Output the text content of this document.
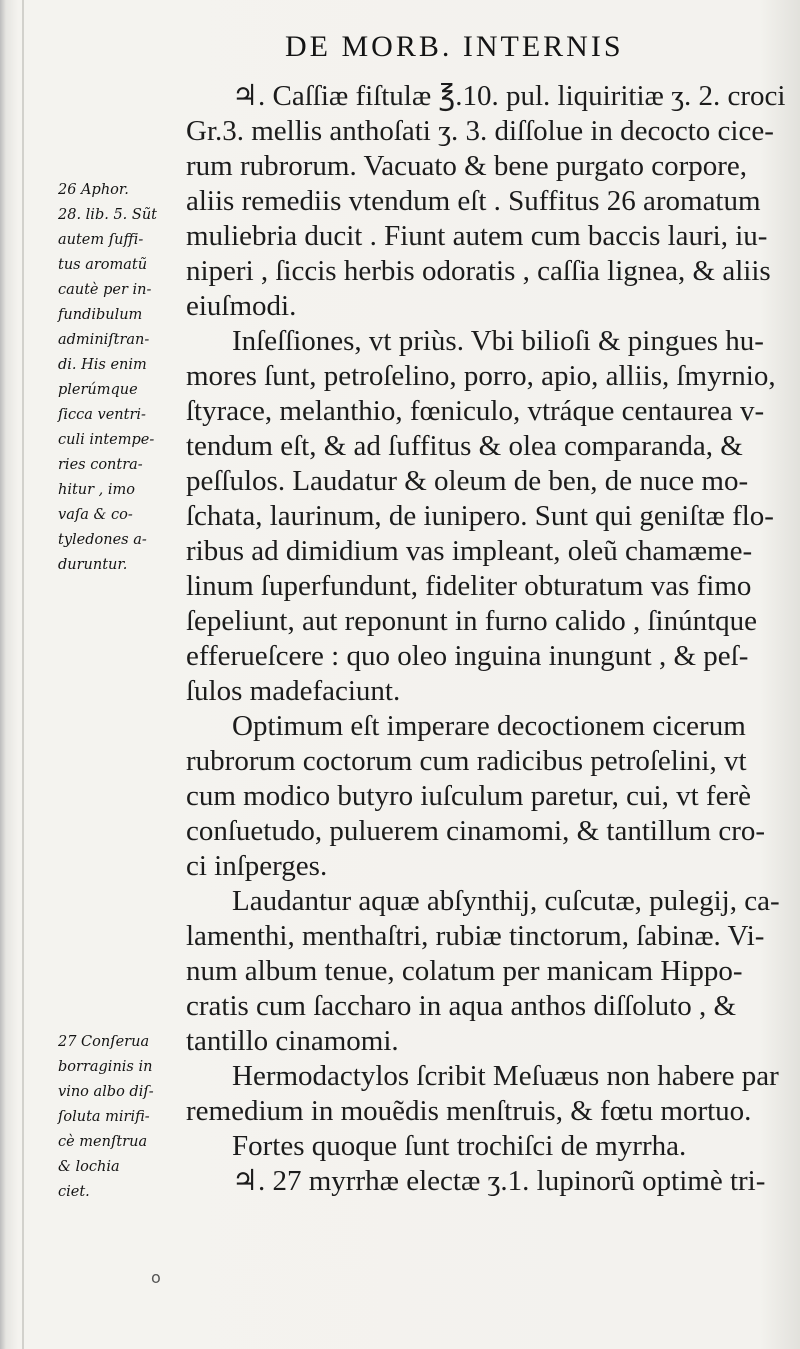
DE MORB. INTERNIS
♃. Caſſiæ fiſtulæ ℥.10. pul. liquiritiæ ʒ. 2. croci
Gr.3. mellis anthoſati ʒ. 3. diſſolue in decocto cice-
rum rubrorum. Vacuato & bene purgato corpore,
aliis remediis vtendum eſt . Suffitus 26 aromatum
muliebria ducit . Fiunt autem cum baccis lauri, iu-
niperi , ſiccis herbis odoratis , caſſia lignea, & aliis
eiuſmodi.
Inſeſſiones, vt priùs. Vbi bilioſi & pingues hu-
mores ſunt, petroſelino, porro, apio, alliis, ſmyrnio,
ſtyrace, melanthio, fœniculo, vtráque centaurea v-
tendum eſt, & ad ſuffitus & olea comparanda, &
peſſulos. Laudatur & oleum de ben, de nuce mo-
ſchata, laurinum, de iunipero. Sunt qui geniſtæ flo-
ribus ad dimidium vas impleant, oleũ chamæme-
linum ſuperfundunt, fideliter obturatum vas fimo
ſepeliunt, aut reponunt in furno calido , ſinúntque
efferueſcere : quo oleo inguina inungunt , & peſ-
ſulos madefaciunt.
Optimum eſt imperare decoctionem cicerum
rubrorum coctorum cum radicibus petroſelini, vt
cum modico butyro iuſculum paretur, cui, vt ferè
conſuetudo, puluerem cinamomi, & tantillum cro-
ci inſperges.
Laudantur aquæ abſynthij, cuſcutæ, pulegij, ca-
lamenthi, menthaſtri, rubiæ tinctorum, ſabinæ. Vi-
num album tenue, colatum per manicam Hippo-
cratis cum ſaccharo in aqua anthos diſſoluto , &
tantillo cinamomi.
Hermodactylos ſcribit Meſuæus non habere par
remedium in mouẽdis menſtruis, & fœtu mortuo.
Fortes quoque ſunt trochiſci de myrrha.
♃. 27 myrrhæ electæ ʒ.1. lupinorũ optimè tri-
26 Aphor.
28. lib. 5. Sũt
autem ſuffi-
tus aromatũ
cautè per in-
fundibulum
adminiſtran-
di. His enim
plerúmque
ſicca ventri-
culi intempe-
ries contra-
hitur , imo
vaſa & co-
tyledones a-
duruntur.
27 Conſerua
borraginis in
vino albo diſ-
ſoluta mirifi-
cè menſtrua
& lochia
ciet.
o
